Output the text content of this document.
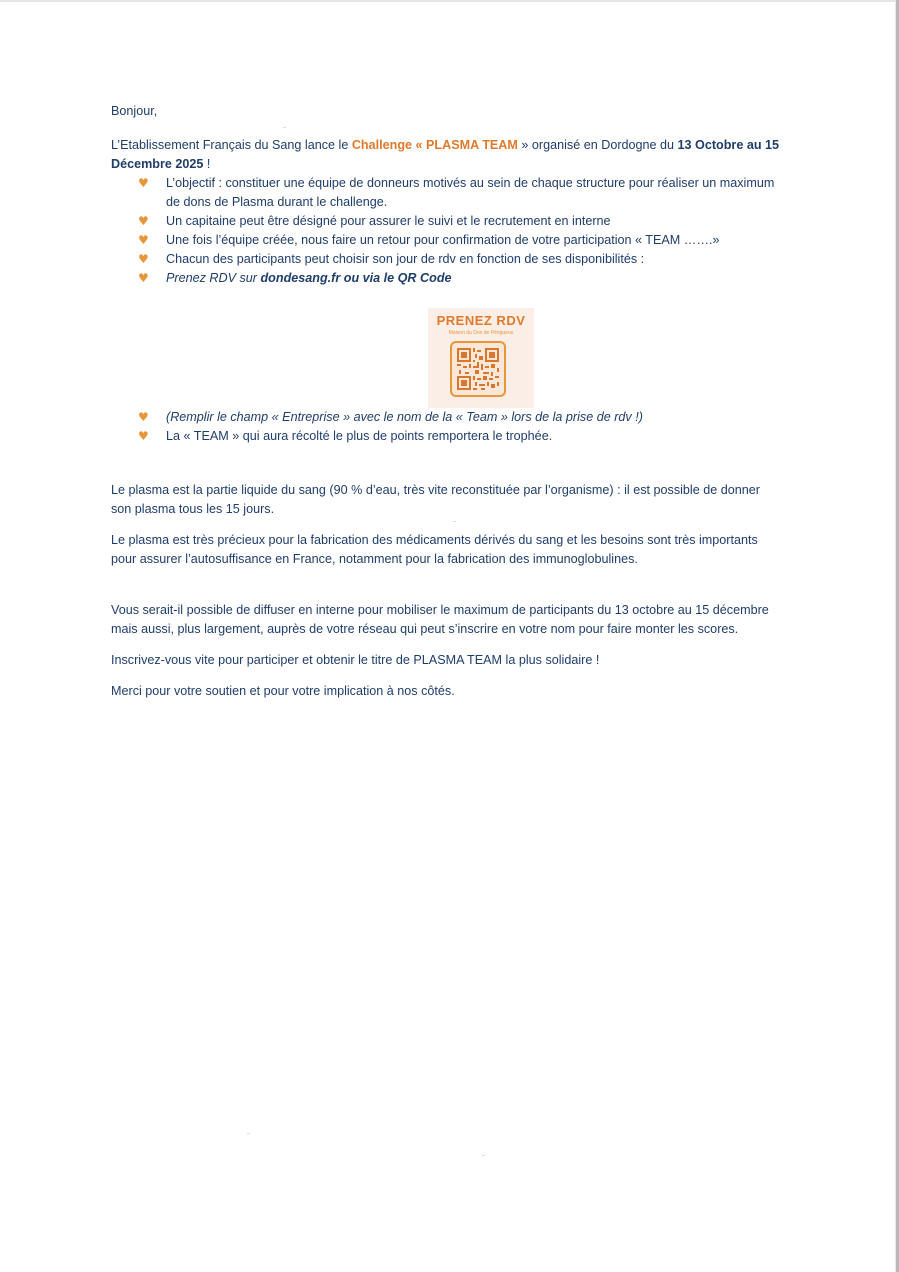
Bonjour,

L’Etablissement Français du Sang lance le Challenge « PLASMA TEAM » organisé en Dordogne du 13 Octobre au 15 Décembre 2025 !

♥ L’objectif : constituer une équipe de donneurs motivés au sein de chaque structure pour réaliser un maximum de dons de Plasma durant le challenge.
♥ Un capitaine peut être désigné pour assurer le suivi et le recrutement en interne
♥ Une fois l’équipe créée, nous faire un retour pour confirmation de votre participation « TEAM …….»
♥ Chacun des participants peut choisir son jour de rdv en fonction de ses disponibilités :
♥ Prenez RDV sur dondesang.fr ou via le QR Code
PRENEZ RDV
Maison du Don de Périgueux
♥ (Remplir le champ « Entreprise » avec le nom de la « Team » lors de la prise de rdv !)
♥ La « TEAM » qui aura récolté le plus de points remportera le trophée.

Le plasma est la partie liquide du sang (90 % d’eau, très vite reconstituée par l’organisme) : il est possible de donner son plasma tous les 15 jours.

Le plasma est très précieux pour la fabrication des médicaments dérivés du sang et les besoins sont très importants pour assurer l’autosuffisance en France, notamment pour la fabrication des immunoglobulines.

Vous serait-il possible de diffuser en interne pour mobiliser le maximum de participants du 13 octobre au 15 décembre mais aussi, plus largement, auprès de votre réseau qui peut s’inscrire en votre nom pour faire monter les scores.

Inscrivez-vous vite pour participer et obtenir le titre de PLASMA TEAM la plus solidaire !

Merci pour votre soutien et pour votre implication à nos côtés.
